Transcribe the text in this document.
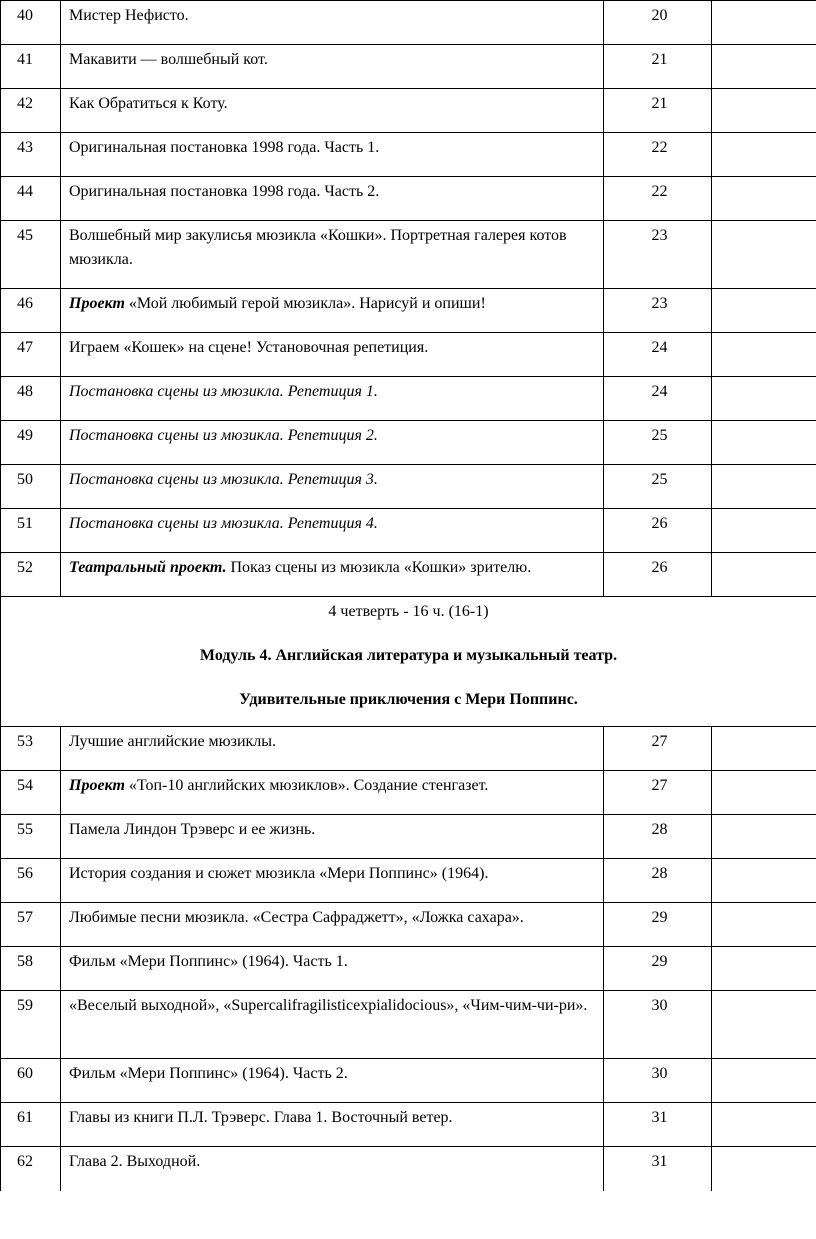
40	Мистер Нефисто.	20	
41	Макавити — волшебный кот.	21	
42	Как Обратиться к Коту.	21	
43	Оригинальная постановка 1998 года. Часть 1.	22	
44	Оригинальная постановка 1998 года. Часть 2.	22	
45	Волшебный мир закулисья мюзикла «Кошки». Портретная галерея котов мюзикла.	23	
46	Проект «Мой любимый герой мюзикла». Нарисуй и опиши!	23	
47	Играем «Кошек» на сцене! Установочная репетиция.	24	
48	Постановка сцены из мюзикла. Репетиция 1.	24	
49	Постановка сцены из мюзикла. Репетиция 2.	25	
50	Постановка сцены из мюзикла. Репетиция 3.	25	
51	Постановка сцены из мюзикла. Репетиция 4.	26	
52	Театральный проект. Показ сцены из мюзикла «Кошки» зрителю.	26	

4 четверть - 16 ч. (16-1)
Модуль 4. Английская литература и музыкальный театр.
Удивительные приключения с Мери Поппинс.			

53	Лучшие английские мюзиклы.	27	
54	Проект «Топ-10 английских мюзиклов». Создание стенгазет.	27	
55	Памела Линдон Трэверс и ее жизнь.	28	
56	История создания и сюжет мюзикла «Мери Поппинс» (1964).	28	
57	Любимые песни мюзикла. «Сестра Сафраджетт», «Ложка сахара».	29	
58	Фильм «Мери Поппинс» (1964). Часть 1.	29	
59	«Веселый выходной», «Supercalifragilisticexpialidocious», «Чим-чим-чи-ри».	30	
60	Фильм «Мери Поппинс» (1964). Часть 2.	30	
61	Главы из книги П.Л. Трэверс. Глава 1. Восточный ветер.	31	
62	Глава 2. Выходной.	31	
